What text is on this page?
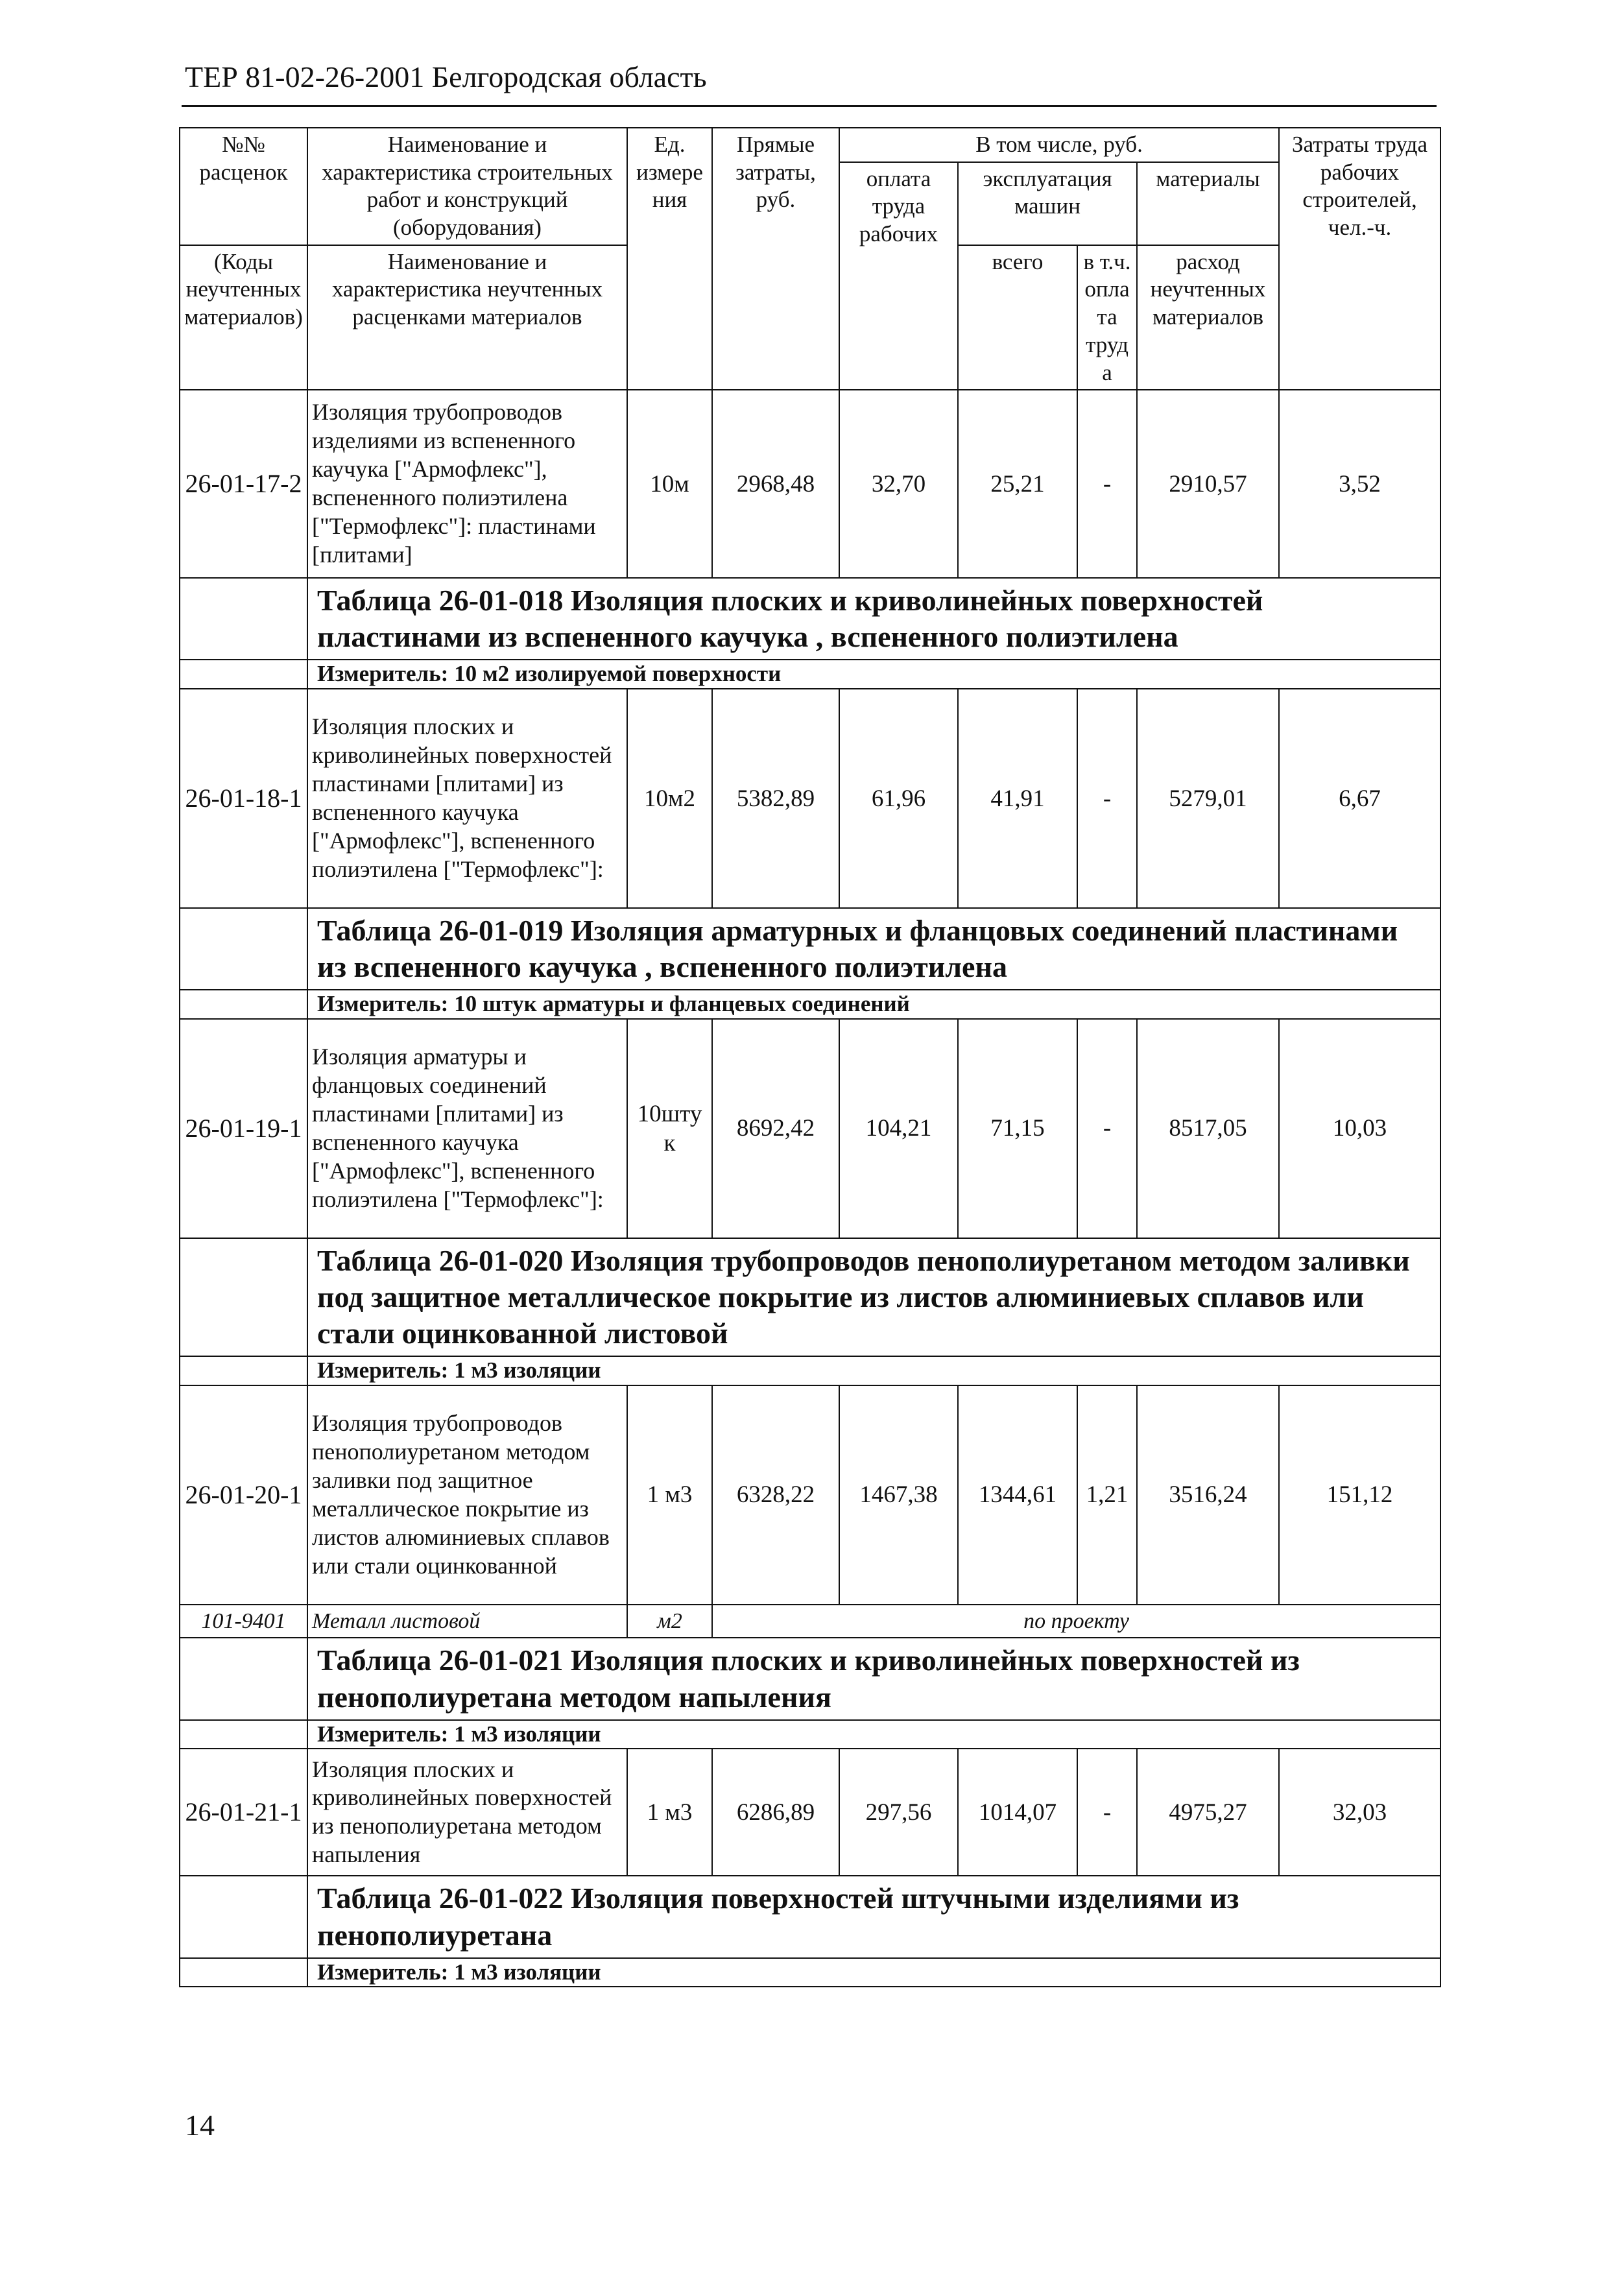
ТЕР 81-02-26-2001 Белгородская область
№№ расценок	Наименование и характеристика строительных работ и конструкций (оборудования)	Ед. измерения	Прямые затраты, руб.	В том числе, руб.				Затраты труда рабочих строителей, чел.-ч.
				оплата труда рабочих	эксплуатация машин		материалы	
(Коды неучтенных материалов)	Наименование и характеристика неучтенных расценками материалов				всего	в т.ч. оплата труда	расход неучтенных материалов	

26-01-17-2	Изоляция трубопроводов изделиями из вспененного каучука ["Армофлекс"], вспененного полиэтилена ["Термофлекс"]: пластинами [плитами]	10м	2968,48	32,70	25,21	-	2910,57	3,52
	Таблица 26-01-018 Изоляция плоских и криволинейных поверхностей пластинами из вспененного каучука , вспененного полиэтилена							
	Измеритель: 10 м2 изолируемой поверхности							
26-01-18-1	Изоляция плоских и криволинейных поверхностей пластинами [плитами] из вспененного каучука ["Армофлекс"], вспененного полиэтилена ["Термофлекс"]:	10м2	5382,89	61,96	41,91	-	5279,01	6,67
	Таблица 26-01-019 Изоляция арматурных и фланцовых соединений пластинами из вспененного каучука , вспененного полиэтилена							
	Измеритель: 10 штук арматуры и фланцевых соединений							
26-01-19-1	Изоляция арматуры и фланцовых соединений пластинами [плитами] из вспененного каучука ["Армофлекс"], вспененного полиэтилена ["Термофлекс"]:	10штук	8692,42	104,21	71,15	-	8517,05	10,03
	Таблица 26-01-020 Изоляция трубопроводов пенополиуретаном методом заливки под защитное металлическое покрытие из листов алюминиевых сплавов или стали оцинкованной листовой							
	Измеритель: 1 м3 изоляции							
26-01-20-1	Изоляция трубопроводов пенополиуретаном методом заливки под защитное металлическое покрытие из листов алюминиевых сплавов или стали оцинкованной	1 м3	6328,22	1467,38	1344,61	1,21	3516,24	151,12
101-9401	Металл листовой	м2	по проекту					
	Таблица 26-01-021 Изоляция плоских и криволинейных поверхностей из пенополиуретана методом напыления							
	Измеритель: 1 м3 изоляции							
26-01-21-1	Изоляция плоских и криволинейных поверхностей из пенополиуретана методом напыления	1 м3	6286,89	297,56	1014,07	-	4975,27	32,03
	Таблица 26-01-022 Изоляция поверхностей штучными изделиями из пенополиуретана							
	Измеритель: 1 м3 изоляции							
14
